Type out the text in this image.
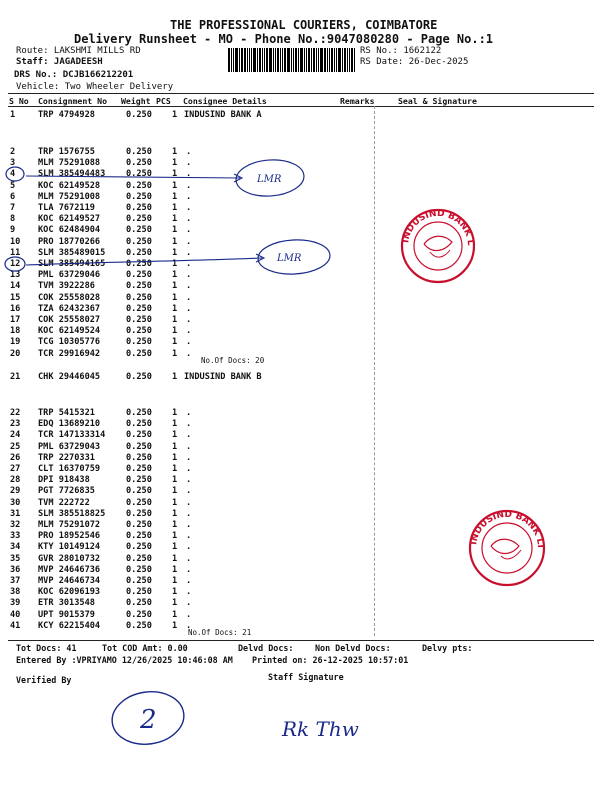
THE PROFESSIONAL COURIERS, COIMBATORE
Delivery Runsheet - MO - Phone No.:9047080280 - Page No.:1
Route: LAKSHMI MILLS RD
Staff: JAGADEESH
DRS No.: DCJB166212201
Vehicle: Two Wheeler Delivery
RS No.: 1662122
RS Date: 26-Dec-2025
S No Consignment No Weight PCS Consignee Details	Remarks	Seal & Signature
1	TRP 4794928	0.250 1 INDUSIND BANK A
2	TRP 1576755	0.250 1 .
3	MLM 75291088	0.250 1 .
4	SLM 385494483 0.250 1 .
5	KOC 62149528	0.250 1 .
6	MLM 75291008	0.250 1 .
7	TLA 7672119	0.250 1 .
8	KOC 62149527	0.250 1 .
9	KOC 62484904	0.250 1 .
10 PRO 18770266	0.250 1 .
11 SLM 385489015 0.250 1 .
12 SLM 385494165 0.250 1 .
13 PML 63729046	0.250 1 .
14 TVM 3922286	0.250 1 .
15 COK 25558028	0.250 1 .
16 TZA 62432367	0.250 1 .
17 COK 25558027	0.250 1 .
18 KOC 62149524	0.250 1 .
19 TCG 10305776	0.250 1 .
20 TCR 29916942	0.250 1 .
No.Of Docs: 20
21 CHK 29446045	0.250 1 INDUSIND BANK B
22 TRP 5415321	0.250 1 .
23 EDQ 13689210	0.250 1 .
24 TCR 147133314 0.250 1 .
25 PML 63729043	0.250 1 .
26 TRP 2270331	0.250 1 .
27 CLT 16370759	0.250 1 .
28 DPI 918438	0.250 1 .
29 PGT 7726835	0.250 1 .
30 TVM 222722	0.250 1 .
31 SLM 385518825 0.250 1 .
32 MLM 75291072	0.250 1 .
33 PRO 18952546	0.250 1 .
34 KTY 10149124	0.250 1 .
35 GVR 28010732	0.250 1 .
36 MVP 24646736	0.250 1 .
37 MVP 24646734	0.250 1 .
38 KOC 62096193	0.250 1 .
39 ETR 3013548	0.250 1 .
40 UPT 9015379	0.250 1 .
41 KCY 62215404	0.250 1 .
No.Of Docs: 21
Tot Docs: 41	Tot COD Amt: 0.00	Delvd Docs:	Non Delvd Docs:	Delvy pts:
Entered By :VPRIYAMO 12/26/2025 10:46:08 AM Printed on: 26-12-2025 10:57:01
Verified By	Staff Signature
LMR
LMR
INDUSIND BANK LTD
INDUSIND BANK LTD
2	Rk Thw
